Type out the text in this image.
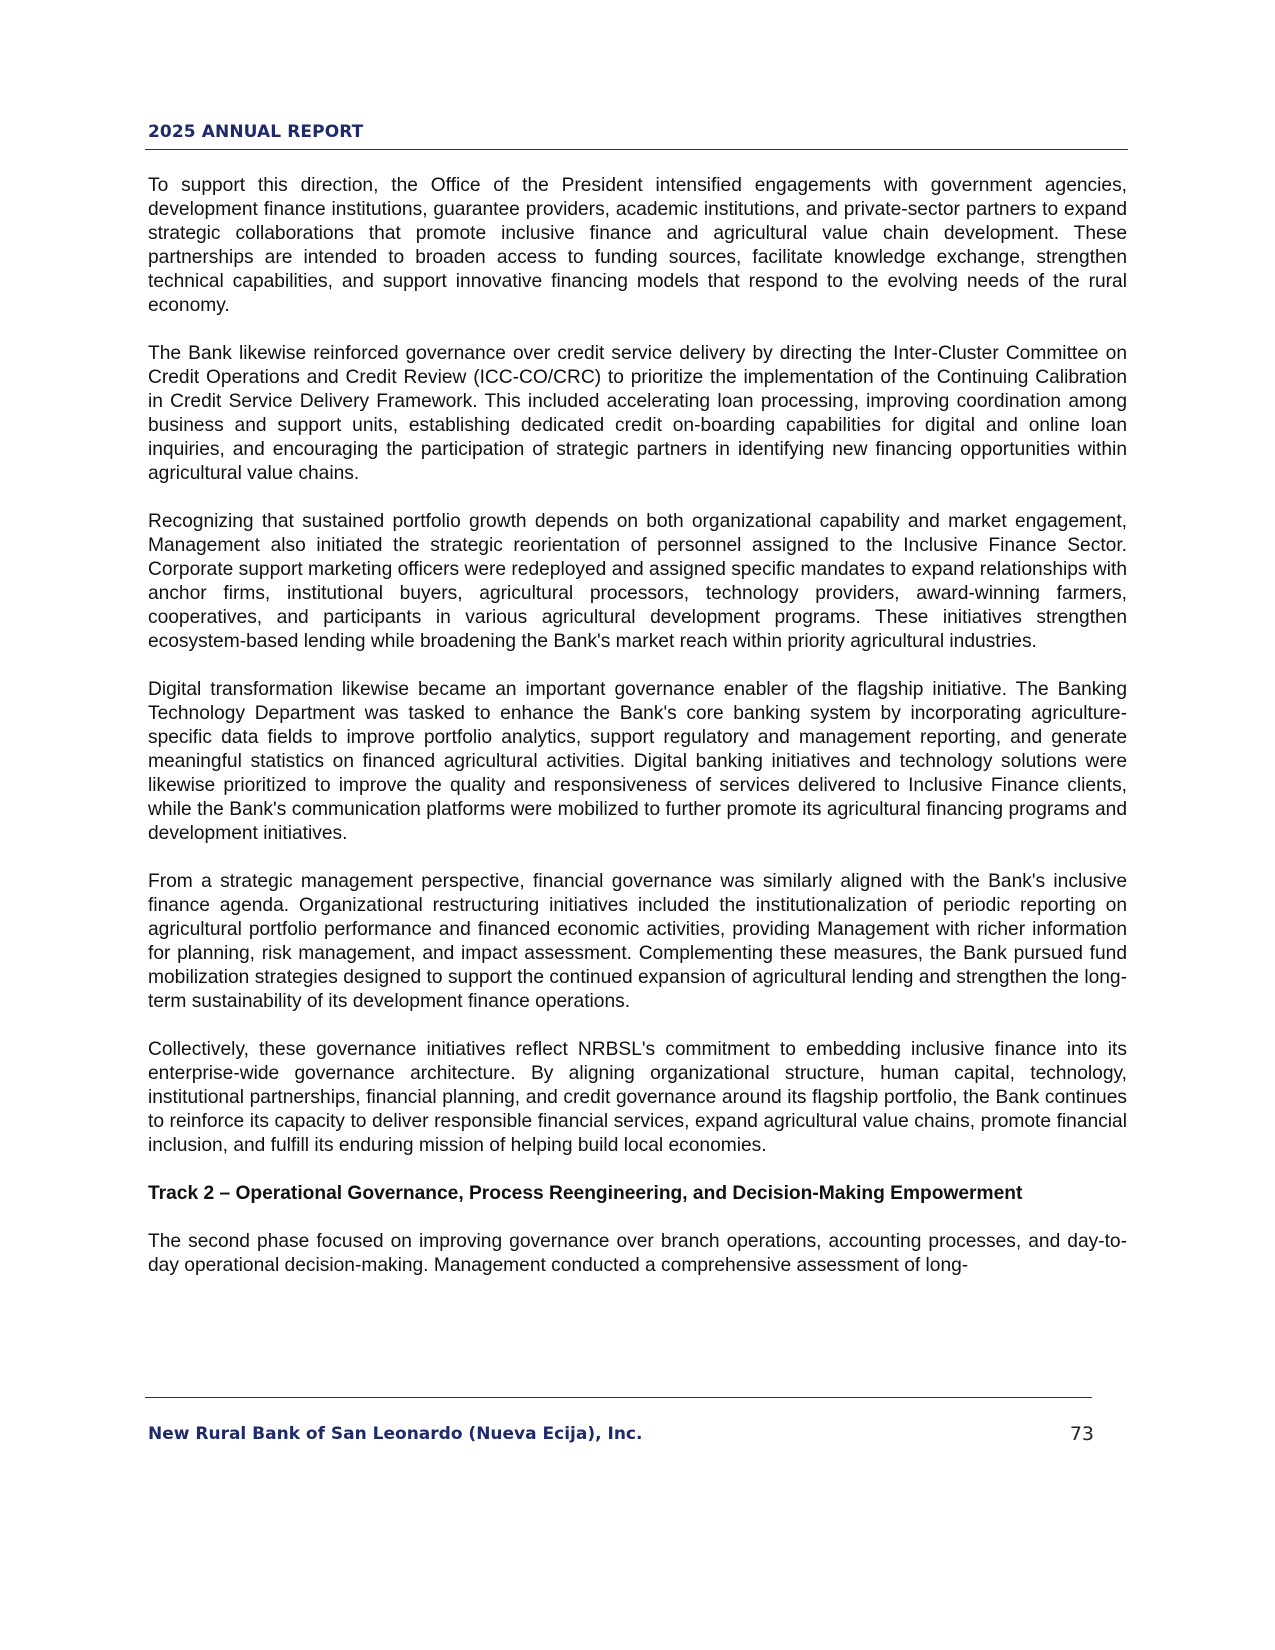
2025 ANNUAL REPORT

To support this direction, the Office of the President intensified engagements with government agencies, development finance institutions, guarantee providers, academic institutions, and private-sector partners to expand strategic collaborations that promote inclusive finance and agricultural value chain development. These partnerships are intended to broaden access to funding sources, facilitate knowledge exchange, strengthen technical capabilities, and support innovative financing models that respond to the evolving needs of the rural economy.

The Bank likewise reinforced governance over credit service delivery by directing the Inter-Cluster Committee on Credit Operations and Credit Review (ICC-CO/CRC) to prioritize the implementation of the Continuing Calibration in Credit Service Delivery Framework. This included accelerating loan processing, improving coordination among business and support units, establishing dedicated credit on-boarding capabilities for digital and online loan inquiries, and encouraging the participation of strategic partners in identifying new financing opportunities within agricultural value chains.

Recognizing that sustained portfolio growth depends on both organizational capability and market engagement, Management also initiated the strategic reorientation of personnel assigned to the Inclusive Finance Sector. Corporate support marketing officers were redeployed and assigned specific mandates to expand relationships with anchor firms, institutional buyers, agricultural processors, technology providers, award-winning farmers, cooperatives, and participants in various agricultural development programs. These initiatives strengthen ecosystem-based lending while broadening the Bank's market reach within priority agricultural industries.

Digital transformation likewise became an important governance enabler of the flagship initiative. The Banking Technology Department was tasked to enhance the Bank's core banking system by incorporating agriculture-specific data fields to improve portfolio analytics, support regulatory and management reporting, and generate meaningful statistics on financed agricultural activities. Digital banking initiatives and technology solutions were likewise prioritized to improve the quality and responsiveness of services delivered to Inclusive Finance clients, while the Bank's communication platforms were mobilized to further promote its agricultural financing programs and development initiatives.

From a strategic management perspective, financial governance was similarly aligned with the Bank's inclusive finance agenda. Organizational restructuring initiatives included the institutionalization of periodic reporting on agricultural portfolio performance and financed economic activities, providing Management with richer information for planning, risk management, and impact assessment. Complementing these measures, the Bank pursued fund mobilization strategies designed to support the continued expansion of agricultural lending and strengthen the long-term sustainability of its development finance operations.

Collectively, these governance initiatives reflect NRBSL's commitment to embedding inclusive finance into its enterprise-wide governance architecture. By aligning organizational structure, human capital, technology, institutional partnerships, financial planning, and credit governance around its flagship portfolio, the Bank continues to reinforce its capacity to deliver responsible financial services, expand agricultural value chains, promote financial inclusion, and fulfill its enduring mission of helping build local economies.

Track 2 – Operational Governance, Process Reengineering, and Decision-Making Empowerment

The second phase focused on improving governance over branch operations, accounting processes, and day-to-day operational decision-making. Management conducted a comprehensive assessment of long-

New Rural Bank of San Leonardo (Nueva Ecija), Inc.	73
